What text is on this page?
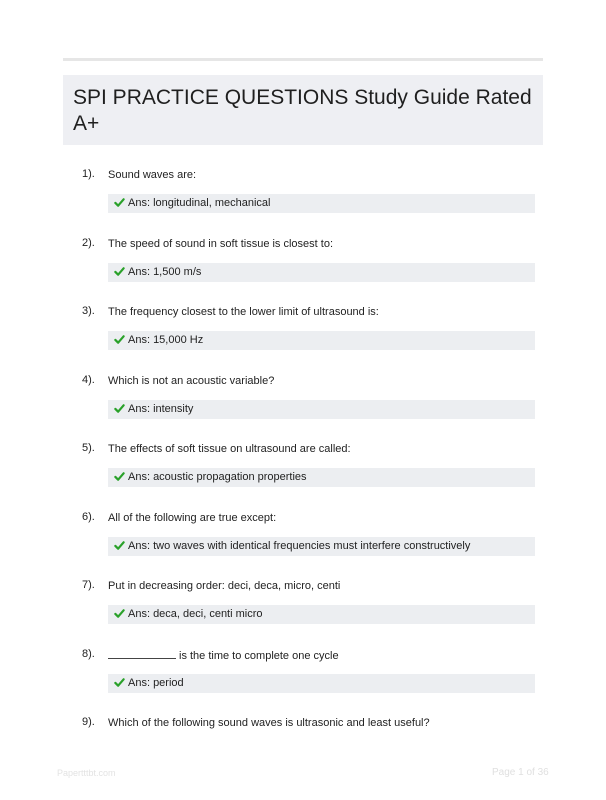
SPI PRACTICE QUESTIONS Study Guide Rated A+
1). Sound waves are:
Ans: longitudinal, mechanical
2). The speed of sound in soft tissue is closest to:
Ans: 1,500 m/s
3). The frequency closest to the lower limit of ultrasound is:
Ans: 15,000 Hz
4). Which is not an acoustic variable?
Ans: intensity
5). The effects of soft tissue on ultrasound are called:
Ans: acoustic propagation properties
6). All of the following are true except:
Ans: two waves with identical frequencies must interfere constructively
7). Put in decreasing order: deci, deca, micro, centi
Ans: deca, deci, centi micro
8).	is the time to complete one cycle
Ans: period
9). Which of the following sound waves is ultrasonic and least useful?
Papertttbt.com	Page 1 of 36
